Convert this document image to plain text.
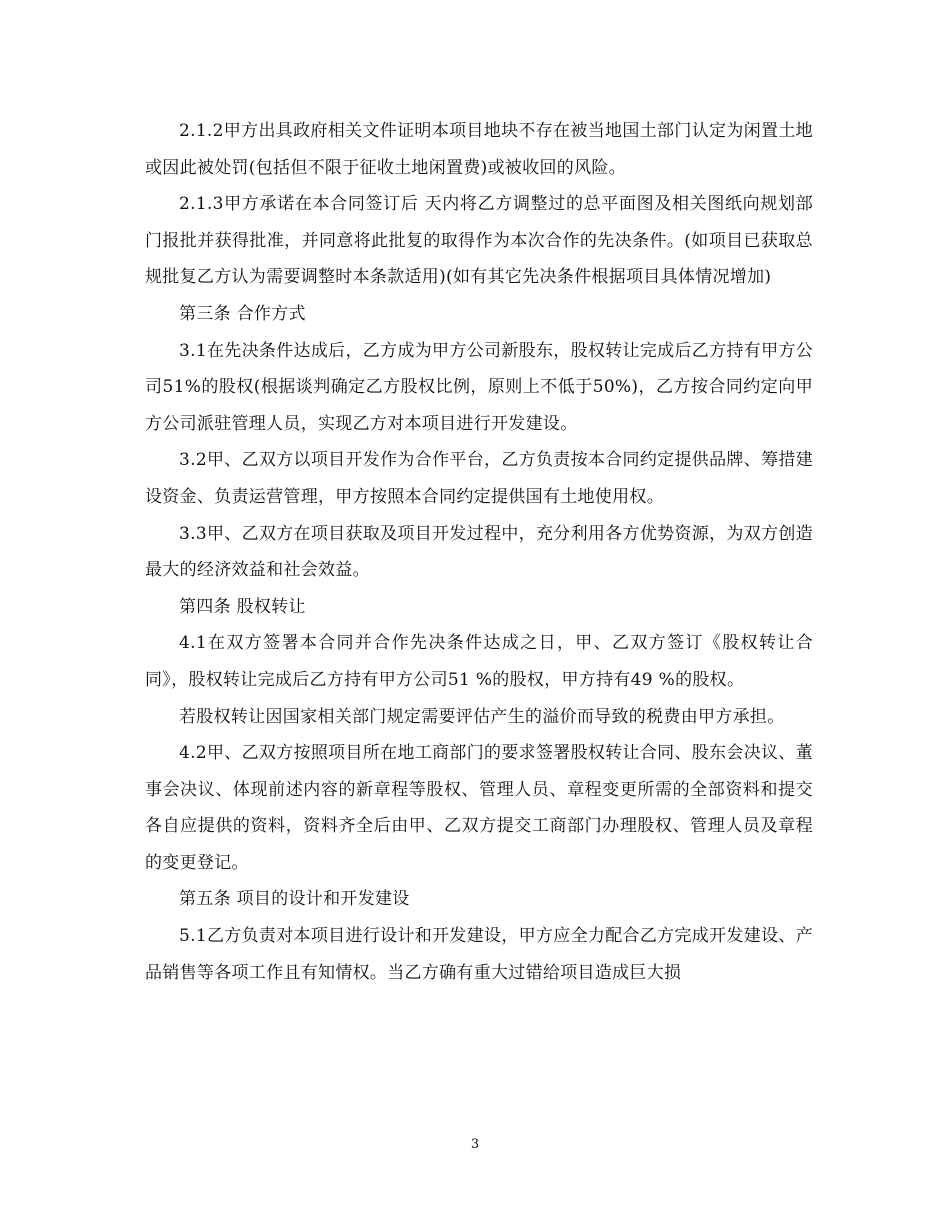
2.1.2甲方出具政府相关文件证明本项目地块不存在被当地国土部门认定为闲置土地或因此被处罚(包括但不限于征收土地闲置费)或被收回的风险。

2.1.3甲方承诺在本合同签订后 天内将乙方调整过的总平面图及相关图纸向规划部门报批并获得批准，并同意将此批复的取得作为本次合作的先决条件。(如项目已获取总规批复乙方认为需要调整时本条款适用)(如有其它先决条件根据项目具体情况增加)

第三条 合作方式

3.1在先决条件达成后，乙方成为甲方公司新股东，股权转让完成后乙方持有甲方公司51%的股权(根据谈判确定乙方股权比例，原则上不低于50%)，乙方按合同约定向甲方公司派驻管理人员，实现乙方对本项目进行开发建设。

3.2甲、乙双方以项目开发作为合作平台，乙方负责按本合同约定提供品牌、筹措建设资金、负责运营管理，甲方按照本合同约定提供国有土地使用权。

3.3甲、乙双方在项目获取及项目开发过程中，充分利用各方优势资源，为双方创造最大的经济效益和社会效益。

第四条 股权转让

4.1在双方签署本合同并合作先决条件达成之日，甲、乙双方签订《股权转让合同》，股权转让完成后乙方持有甲方公司51 %的股权，甲方持有49 %的股权。

若股权转让因国家相关部门规定需要评估产生的溢价而导致的税费由甲方承担。

4.2甲、乙双方按照项目所在地工商部门的要求签署股权转让合同、股东会决议、董事会决议、体现前述内容的新章程等股权、管理人员、章程变更所需的全部资料和提交各自应提供的资料，资料齐全后由甲、乙双方提交工商部门办理股权、管理人员及章程的变更登记。

第五条 项目的设计和开发建设

5.1乙方负责对本项目进行设计和开发建设，甲方应全力配合乙方完成开发建设、产品销售等各项工作且有知情权。当乙方确有重大过错给项目造成巨大损

3
